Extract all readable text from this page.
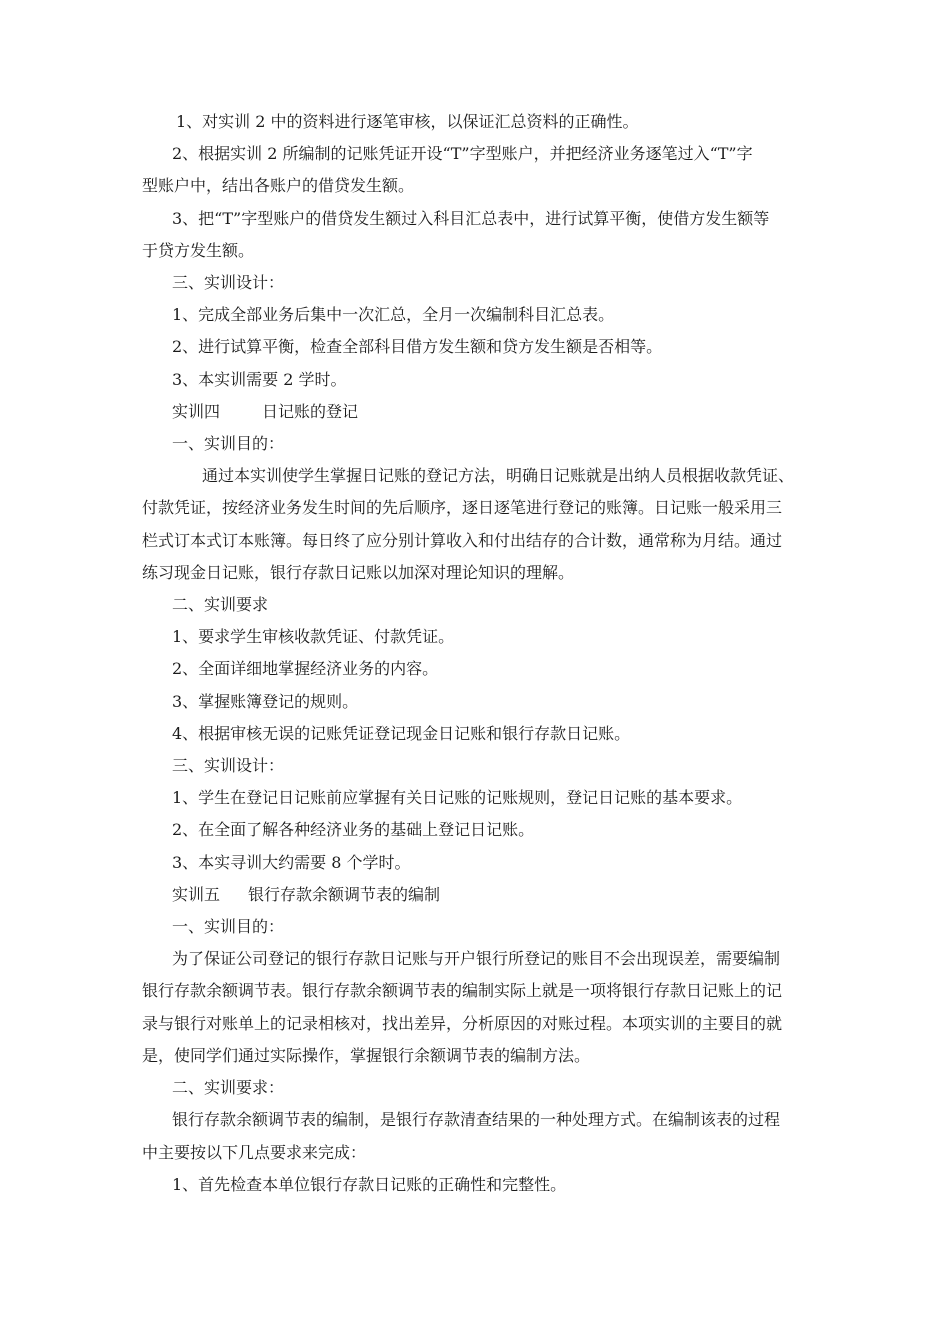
1、对实训 2 中的资料进行逐笔审核，以保证汇总资料的正确性。

2、根据实训 2 所编制的记账凭证开设“T”字型账户，并把经济业务逐笔过入“T”字

型账户中，结出各账户的借贷发生额。

3、把“T”字型账户的借贷发生额过入科目汇总表中，进行试算平衡，使借方发生额等

于贷方发生额。

三、实训设计：

1、完成全部业务后集中一次汇总，全月一次编制科目汇总表。

2、进行试算平衡，检查全部科目借方发生额和贷方发生额是否相等。

3、本实训需要 2 学时。

实训四	日记账的登记

一、实训目的：

通过本实训使学生掌握日记账的登记方法，明确日记账就是出纳人员根据收款凭证、

付款凭证，按经济业务发生时间的先后顺序，逐日逐笔进行登记的账簿。日记账一般采用三

栏式订本式订本账簿。每日终了应分别计算收入和付出结存的合计数，通常称为月结。通过

练习现金日记账，银行存款日记账以加深对理论知识的理解。

二、实训要求

1、要求学生审核收款凭证、付款凭证。

2、全面详细地掌握经济业务的内容。

3、掌握账簿登记的规则。

4、根据审核无误的记账凭证登记现金日记账和银行存款日记账。

三、实训设计：

1、学生在登记日记账前应掌握有关日记账的记账规则，登记日记账的基本要求。

2、在全面了解各种经济业务的基础上登记日记账。

3、本实寻训大约需要 8 个学时。

实训五 银行存款余额调节表的编制

一、实训目的：

为了保证公司登记的银行存款日记账与开户银行所登记的账目不会出现误差，需要编制

银行存款余额调节表。银行存款余额调节表的编制实际上就是一项将银行存款日记账上的记

录与银行对账单上的记录相核对，找出差异，分析原因的对账过程。本项实训的主要目的就

是，使同学们通过实际操作，掌握银行余额调节表的编制方法。

二、实训要求：

银行存款余额调节表的编制，是银行存款清查结果的一种处理方式。在编制该表的过程

中主要按以下几点要求来完成：

1、首先检查本单位银行存款日记账的正确性和完整性。
